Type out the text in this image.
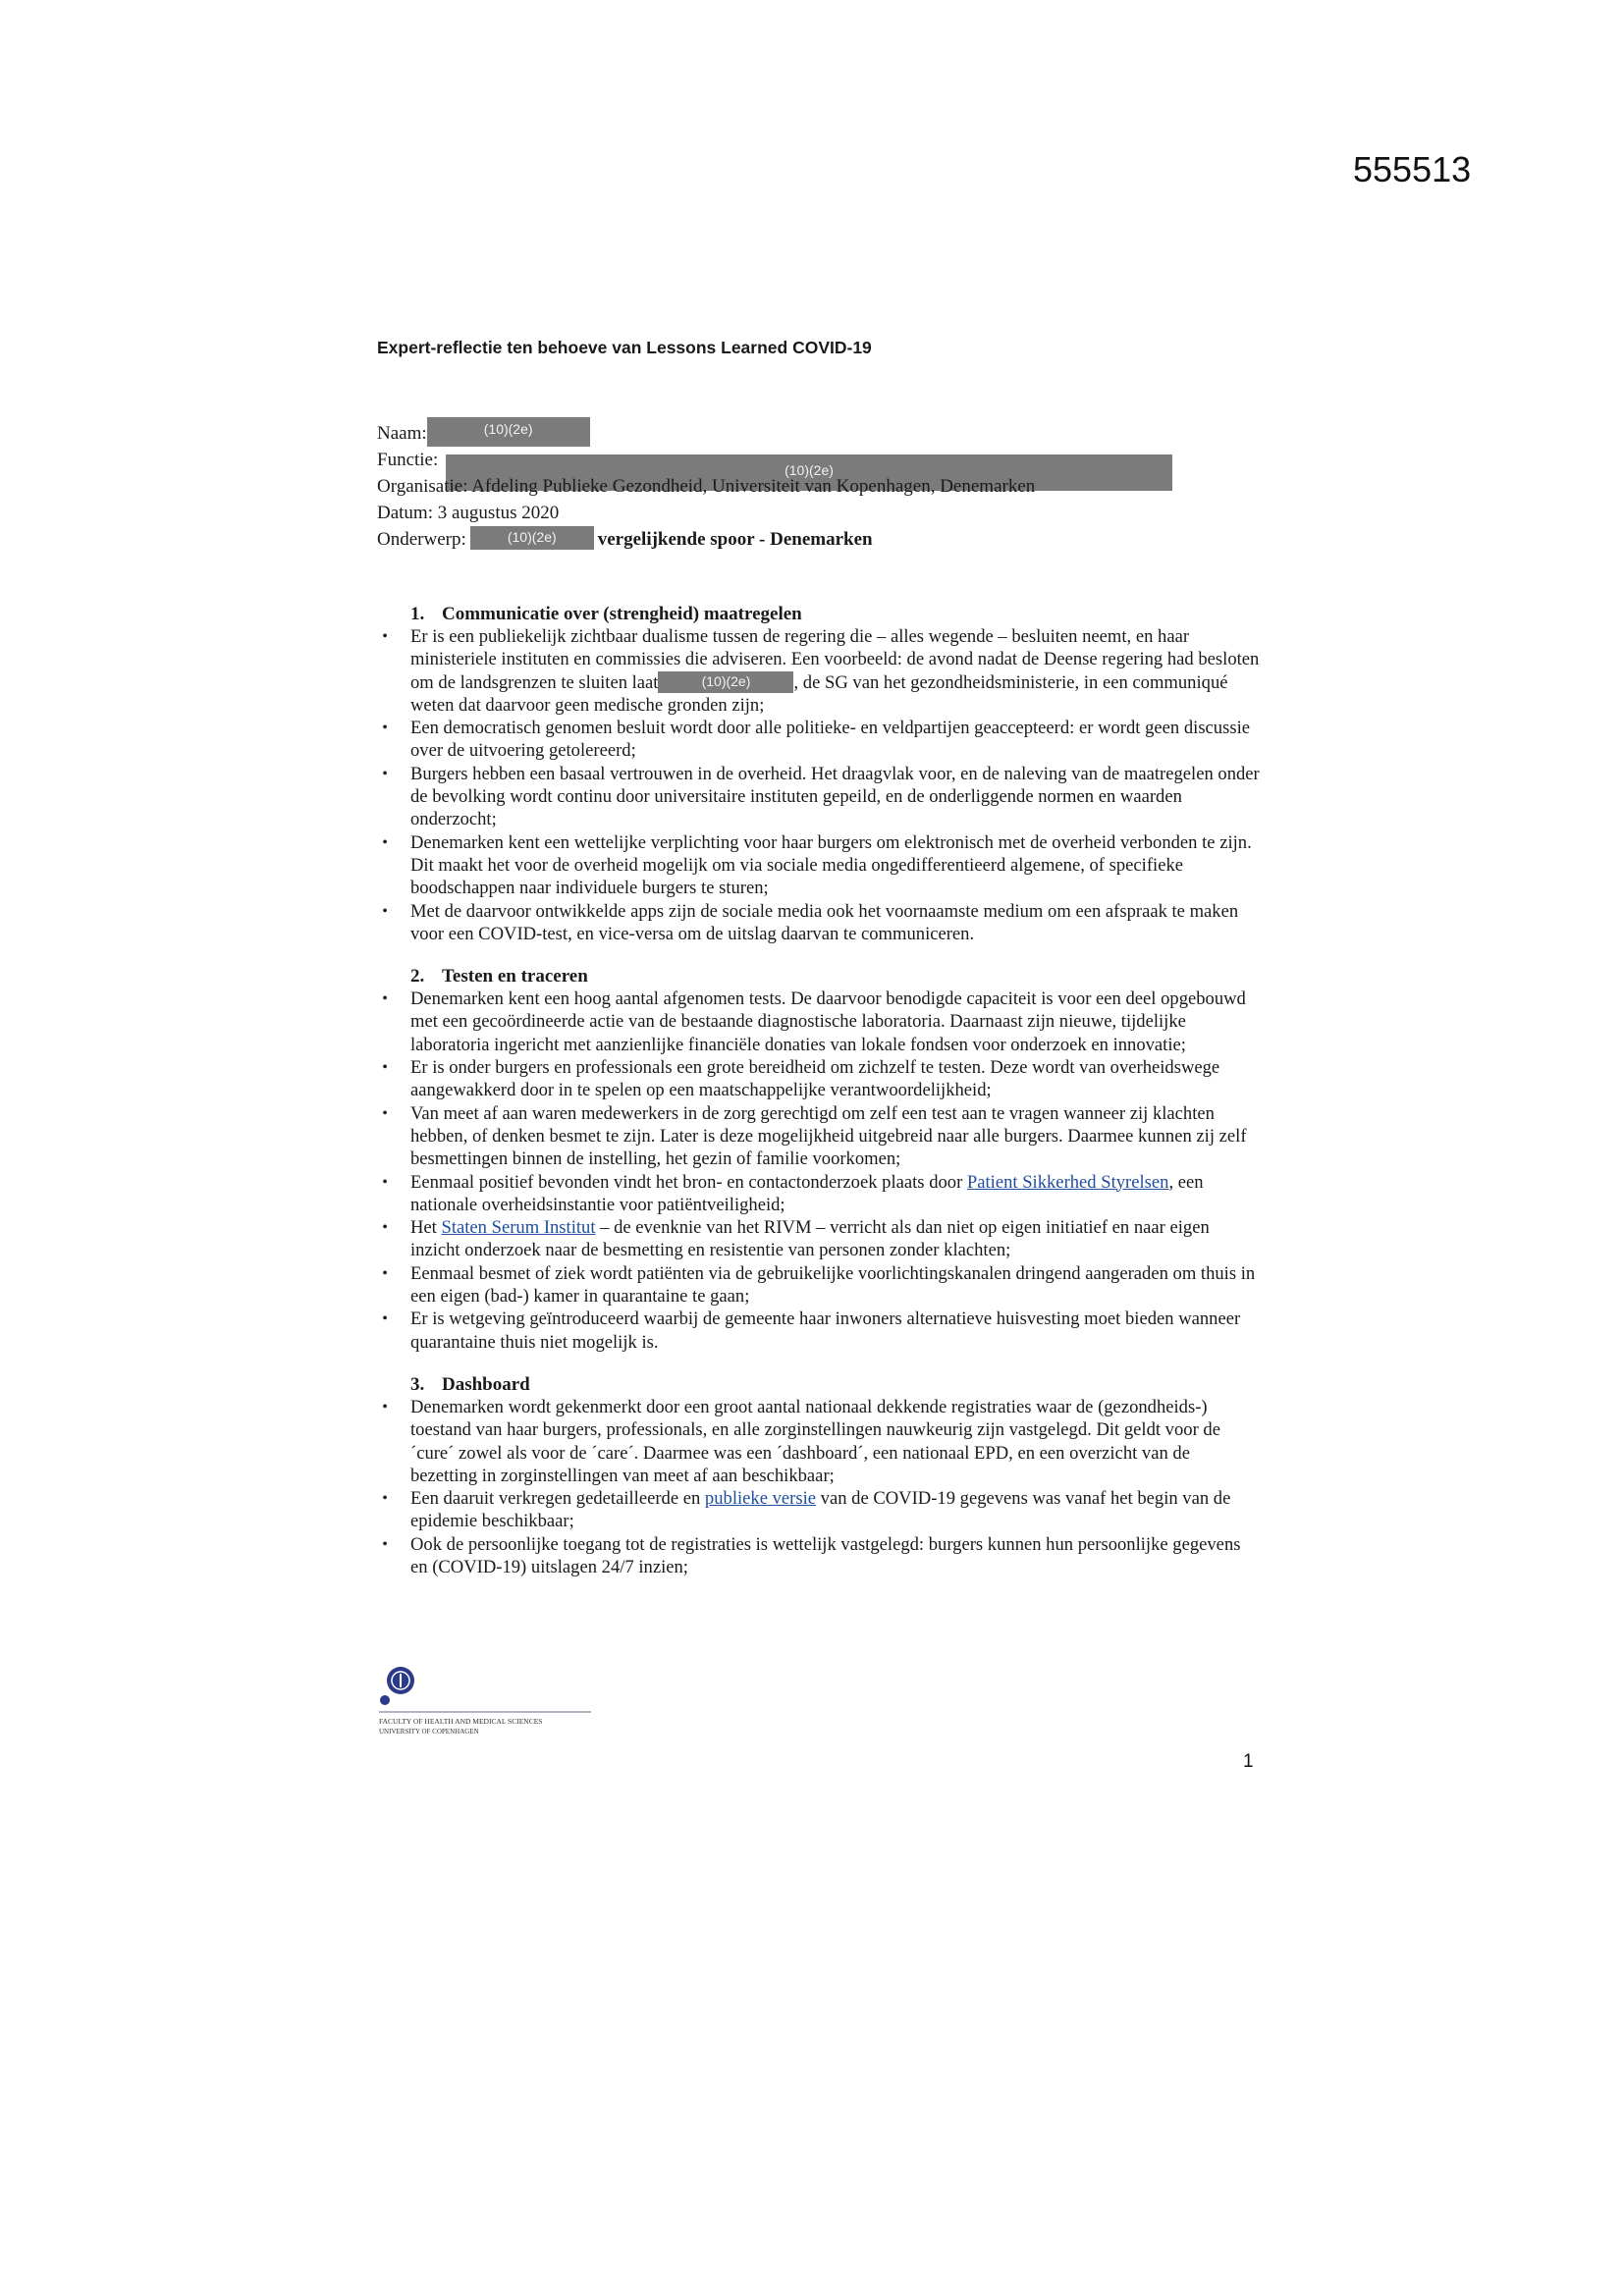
555513
Expert-reflectie ten behoeve van Lessons Learned COVID-19
Naam:	(10)(2e)
Functie:	(10)(2e)
Organisatie: Afdeling Publieke Gezondheid, Universiteit van Kopenhagen, Denemarken
Datum: 3 augustus 2020
Onderwerp:	(10)(2e) vergelijkende spoor - Denemarken
1. Communicatie over (strengheid) maatregelen
• Er is een publiekelijk zichtbaar dualisme tussen de regering die – alles wegende – besluiten neemt, en haar ministeriele instituten en commissies die adviseren. Een voorbeeld: de avond nadat de Deense regering had besloten om de landsgrenzen te sluiten laat	(10)(2e) , de SG van het gezondheidsministerie, in een communiqué weten dat daarvoor geen medische gronden zijn;
• Een democratisch genomen besluit wordt door alle politieke- en veldpartijen geaccepteerd: er wordt geen discussie over de uitvoering getolereerd;
• Burgers hebben een basaal vertrouwen in de overheid. Het draagvlak voor, en de naleving van de maatregelen onder de bevolking wordt continu door universitaire instituten gepeild, en de onderliggende normen en waarden onderzocht;
• Denemarken kent een wettelijke verplichting voor haar burgers om elektronisch met de overheid verbonden te zijn. Dit maakt het voor de overheid mogelijk om via sociale media ongedifferentieerd algemene, of specifieke boodschappen naar individuele burgers te sturen;
• Met de daarvoor ontwikkelde apps zijn de sociale media ook het voornaamste medium om een afspraak te maken voor een COVID-test, en vice-versa om de uitslag daarvan te communiceren.
2. Testen en traceren
• Denemarken kent een hoog aantal afgenomen tests. De daarvoor benodigde capaciteit is voor een deel opgebouwd met een gecoördineerde actie van de bestaande diagnostische laboratoria. Daarnaast zijn nieuwe, tijdelijke laboratoria ingericht met aanzienlijke financiële donaties van lokale fondsen voor onderzoek en innovatie;
• Er is onder burgers en professionals een grote bereidheid om zichzelf te testen. Deze wordt van overheidswege aangewakkerd door in te spelen op een maatschappelijke verantwoordelijkheid;
• Van meet af aan waren medewerkers in de zorg gerechtigd om zelf een test aan te vragen wanneer zij klachten hebben, of denken besmet te zijn. Later is deze mogelijkheid uitgebreid naar alle burgers. Daarmee kunnen zij zelf besmettingen binnen de instelling, het gezin of familie voorkomen;
• Eenmaal positief bevonden vindt het bron- en contactonderzoek plaats door Patient Sikkerhed Styrelsen, een nationale overheidsinstantie voor patiëntveiligheid;
• Het Staten Serum Institut – de evenknie van het RIVM – verricht als dan niet op eigen initiatief en naar eigen inzicht onderzoek naar de besmetting en resistentie van personen zonder klachten;
• Eenmaal besmet of ziek wordt patiënten via de gebruikelijke voorlichtingskanalen dringend aangeraden om thuis in een eigen (bad-) kamer in quarantaine te gaan;
• Er is wetgeving geïntroduceerd waarbij de gemeente haar inwoners alternatieve huisvesting moet bieden wanneer quarantaine thuis niet mogelijk is.
3. Dashboard
• Denemarken wordt gekenmerkt door een groot aantal nationaal dekkende registraties waar de (gezondheids-) toestand van haar burgers, professionals, en alle zorginstellingen nauwkeurig zijn vastgelegd. Dit geldt voor de ´cure´ zowel als voor de ´care´. Daarmee was een ´dashboard´, een nationaal EPD, en een overzicht van de bezetting in zorginstellingen van meet af aan beschikbaar;
• Een daaruit verkregen gedetailleerde en publieke versie van de COVID-19 gegevens was vanaf het begin van de epidemie beschikbaar;
• Ook de persoonlijke toegang tot de registraties is wettelijk vastgelegd: burgers kunnen hun persoonlijke gegevens en (COVID-19) uitslagen 24/7 inzien;
FACULTY OF HEALTH AND MEDICAL SCIENCES
UNIVERSITY OF COPENHAGEN
1
